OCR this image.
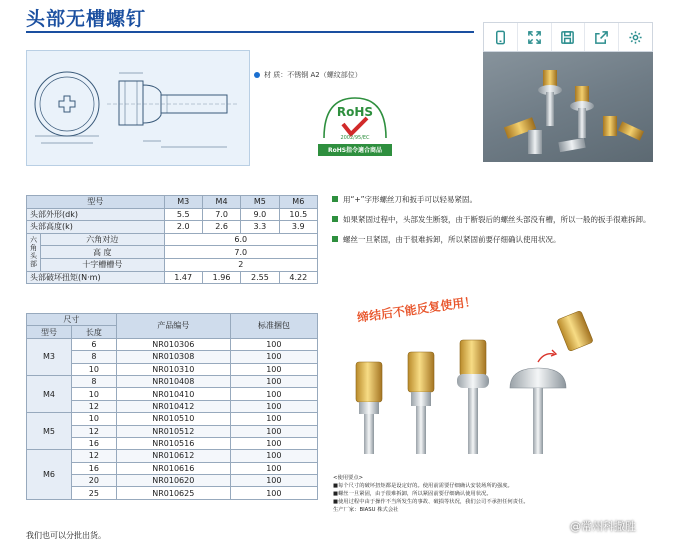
头部无槽螺钉
材 质：不锈钢 A2（螺纹部位）
RoHS
2002/95/EC
RoHS指令適合商品
型号		M3	M4	M5	M6
头部外形(dk)		5.5	7.0	9.0	10.5
头部高度(k)		2.0	2.6	3.3	3.9
六角头部	六角对边	6.0			
	高 度	7.0			
	十字槽槽号	2			
头部破坏扭矩(N·m)		1.47	1.96	2.55	4.22
尺寸		产品编号	标准捆包
型号	长度		
M3	6	NR010306	100
	8	NR010308	100
	10	NR010310	100
M4	8	NR010408	100
	10	NR010410	100
	12	NR010412	100
M5	10	NR010510	100
	12	NR010512	100
	16	NR010516	100
M6	12	NR010612	100
	16	NR010616	100
	20	NR010620	100
	25	NR010625	100
用“+”字形螺丝刀和扳手可以轻易紧固。
如果紧固过程中，头部发生断裂，由于断裂后的螺丝头部没有槽，所以一般的扳手很难拆卸。
螺丝一旦紧固，由于很难拆卸，所以紧固前要仔细确认使用状况。
缔结后不能反复使用！
<使用要点>
■每个尺寸的破坏扭矩都是设定好的。使用前需要仔细确认安装场所的强度。
■螺丝一旦紧固，由于很难拆卸，所以紧固前要仔细确认使用状况。
■使用过程中由于操作不当所发生的事故、破损等状况，我们公司不承担任何责任。
生产厂家：BIASU 株式会社
我们也可以分批出货。
@常州科撒胜
